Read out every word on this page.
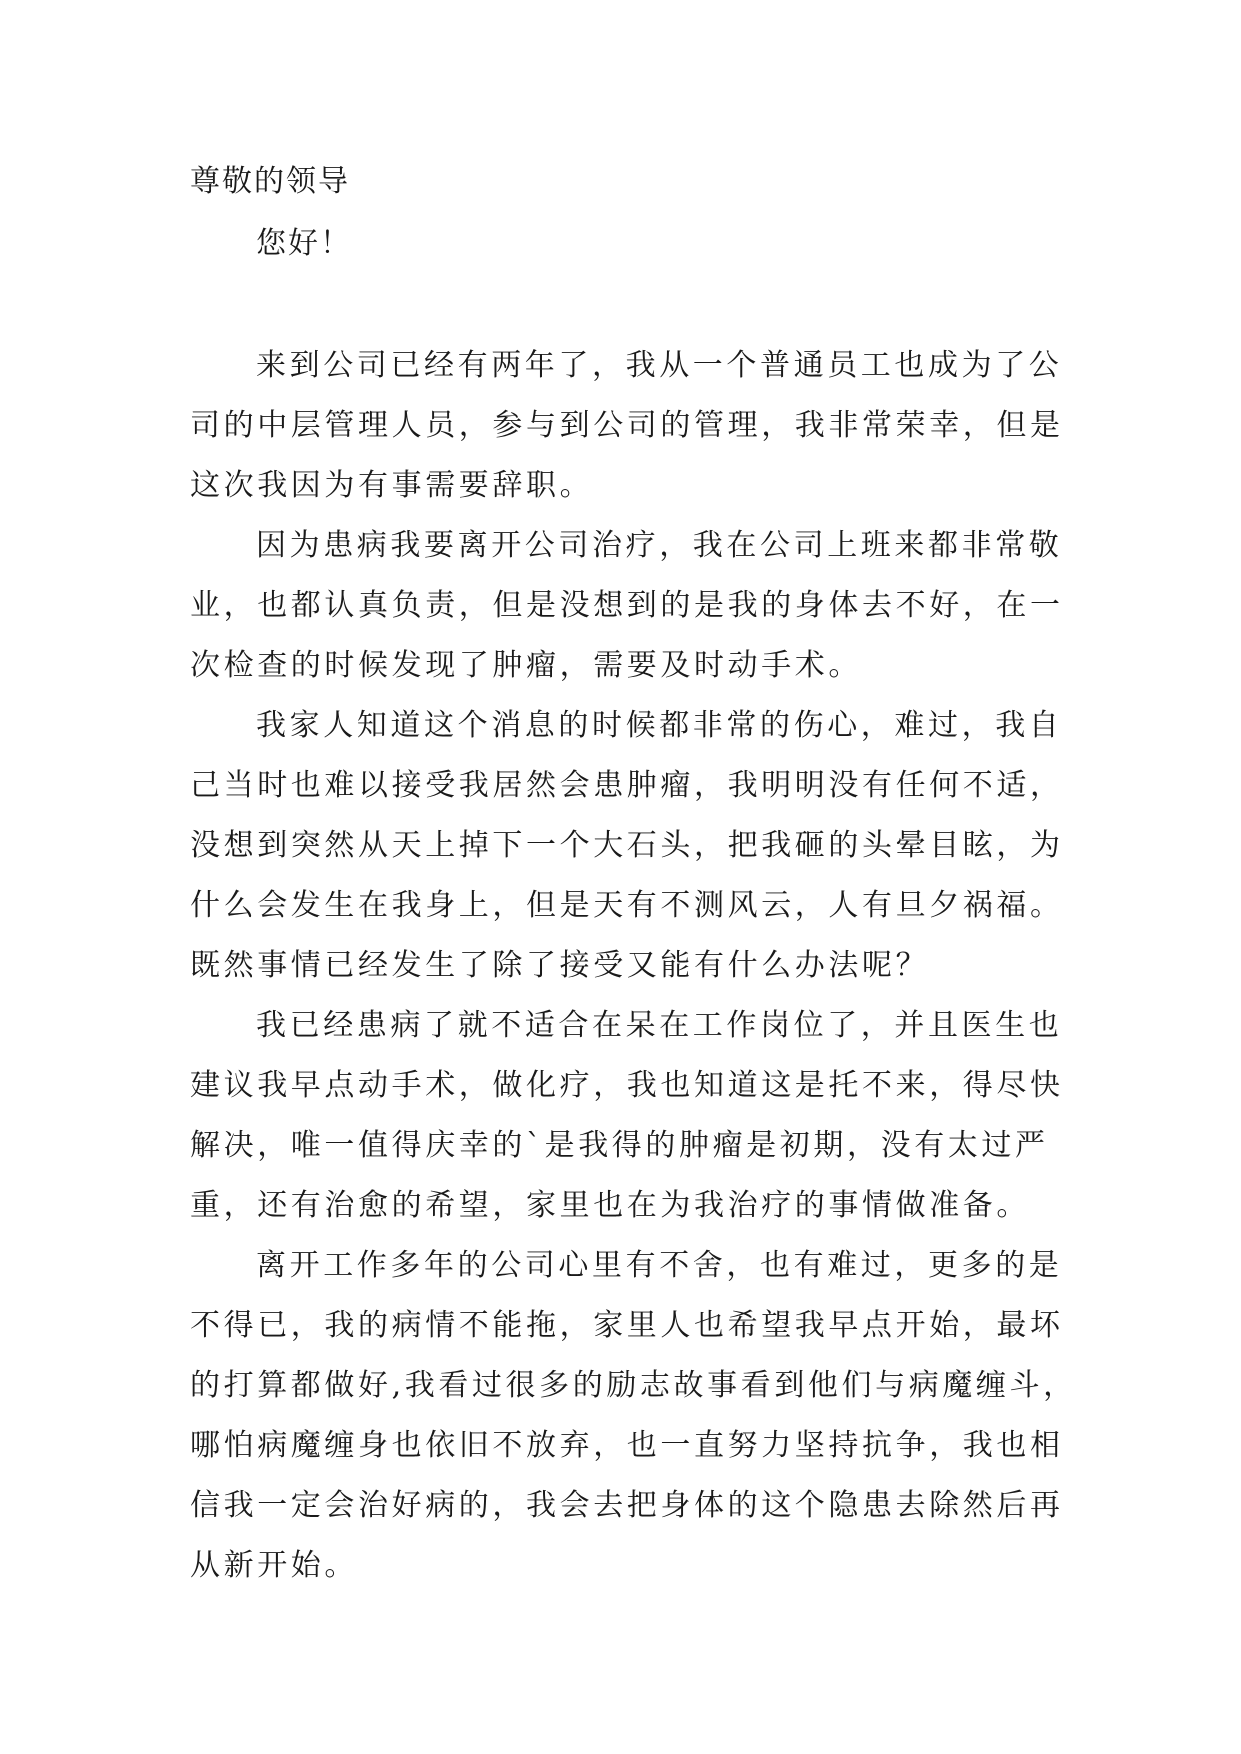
尊敬的领导
您好！

来到公司已经有两年了，我从一个普通员工也成为了公
司的中层管理人员，参与到公司的管理，我非常荣幸，但是
这次我因为有事需要辞职。

因为患病我要离开公司治疗，我在公司上班来都非常敬
业，也都认真负责，但是没想到的是我的身体去不好，在一
次检查的时候发现了肿瘤，需要及时动手术。

我家人知道这个消息的时候都非常的伤心，难过，我自
己当时也难以接受我居然会患肿瘤，我明明没有任何不适，
没想到突然从天上掉下一个大石头，把我砸的头晕目眩，为
什么会发生在我身上，但是天有不测风云，人有旦夕祸福。
既然事情已经发生了除了接受又能有什么办法呢？

我已经患病了就不适合在呆在工作岗位了，并且医生也
建议我早点动手术，做化疗，我也知道这是托不来，得尽快
解决，唯一值得庆幸的`是我得的肿瘤是初期，没有太过严
重，还有治愈的希望，家里也在为我治疗的事情做准备。

离开工作多年的公司心里有不舍，也有难过，更多的是
不得已，我的病情不能拖，家里人也希望我早点开始，最坏
的打算都做好,我看过很多的励志故事看到他们与病魔缠斗，
哪怕病魔缠身也依旧不放弃，也一直努力坚持抗争，我也相
信我一定会治好病的，我会去把身体的这个隐患去除然后再
从新开始。
